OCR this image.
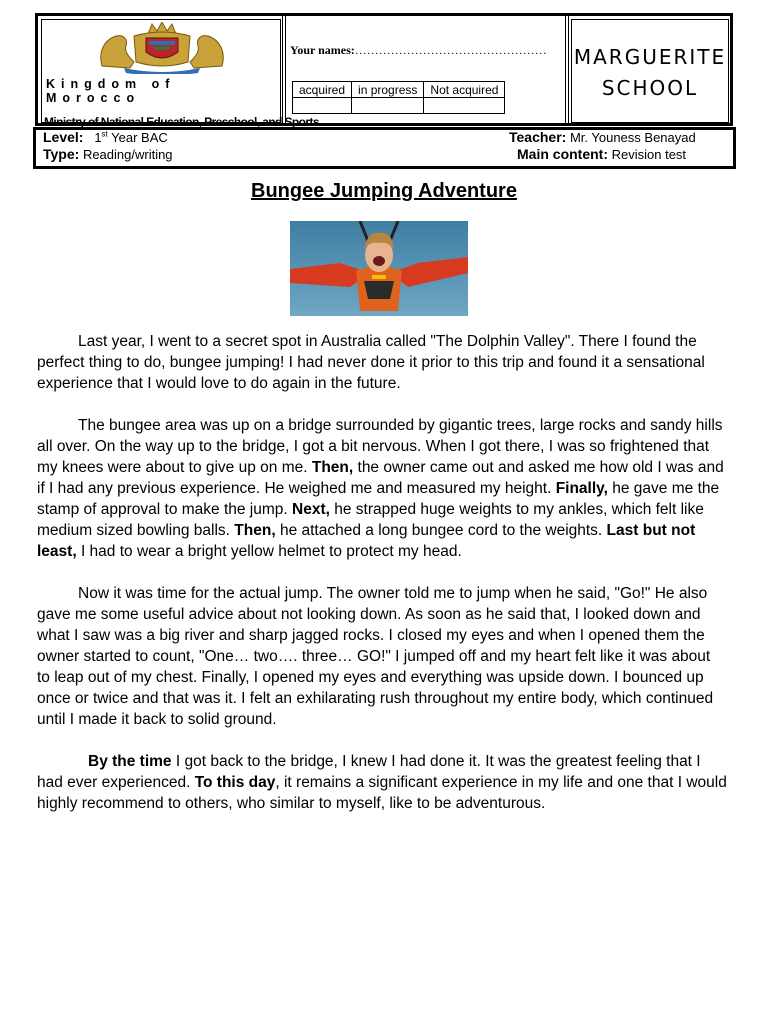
Kingdom of Morocco
Ministry of National Education, Preschool, and Sports
Your names:…………………………………………
acquired	in progress	Not acquired

MARGUERITE SCHOOL
Level: 1st Year BAC
Type: Reading/writing
Teacher: Mr. Youness Benayad
Main content: Revision test
Bungee Jumping Adventure

Last year, I went to a secret spot in Australia called "The Dolphin Valley". There I found the perfect thing to do, bungee jumping! I had never done it prior to this trip and found it a sensational experience that I would love to do again in the future.

The bungee area was up on a bridge surrounded by gigantic trees, large rocks and sandy hills all over. On the way up to the bridge, I got a bit nervous. When I got there, I was so frightened that my knees were about to give up on me. Then, the owner came out and asked me how old I was and if I had any previous experience. He weighed me and measured my height. Finally, he gave me the stamp of approval to make the jump. Next, he strapped huge weights to my ankles, which felt like medium sized bowling balls. Then, he attached a long bungee cord to the weights. Last but not least, I had to wear a bright yellow helmet to protect my head.

Now it was time for the actual jump. The owner told me to jump when he said, "Go!" He also gave me some useful advice about not looking down. As soon as he said that, I looked down and what I saw was a big river and sharp jagged rocks. I closed my eyes and when I opened them the owner started to count, "One… two…. three… GO!" I jumped off and my heart felt like it was about to leap out of my chest. Finally, I opened my eyes and everything was upside down. I bounced up once or twice and that was it. I felt an exhilarating rush throughout my entire body, which continued until I made it back to solid ground.

By the time I got back to the bridge, I knew I had done it. It was the greatest feeling that I had ever experienced. To this day, it remains a significant experience in my life and one that I would highly recommend to others, who similar to myself, like to be adventurous.
